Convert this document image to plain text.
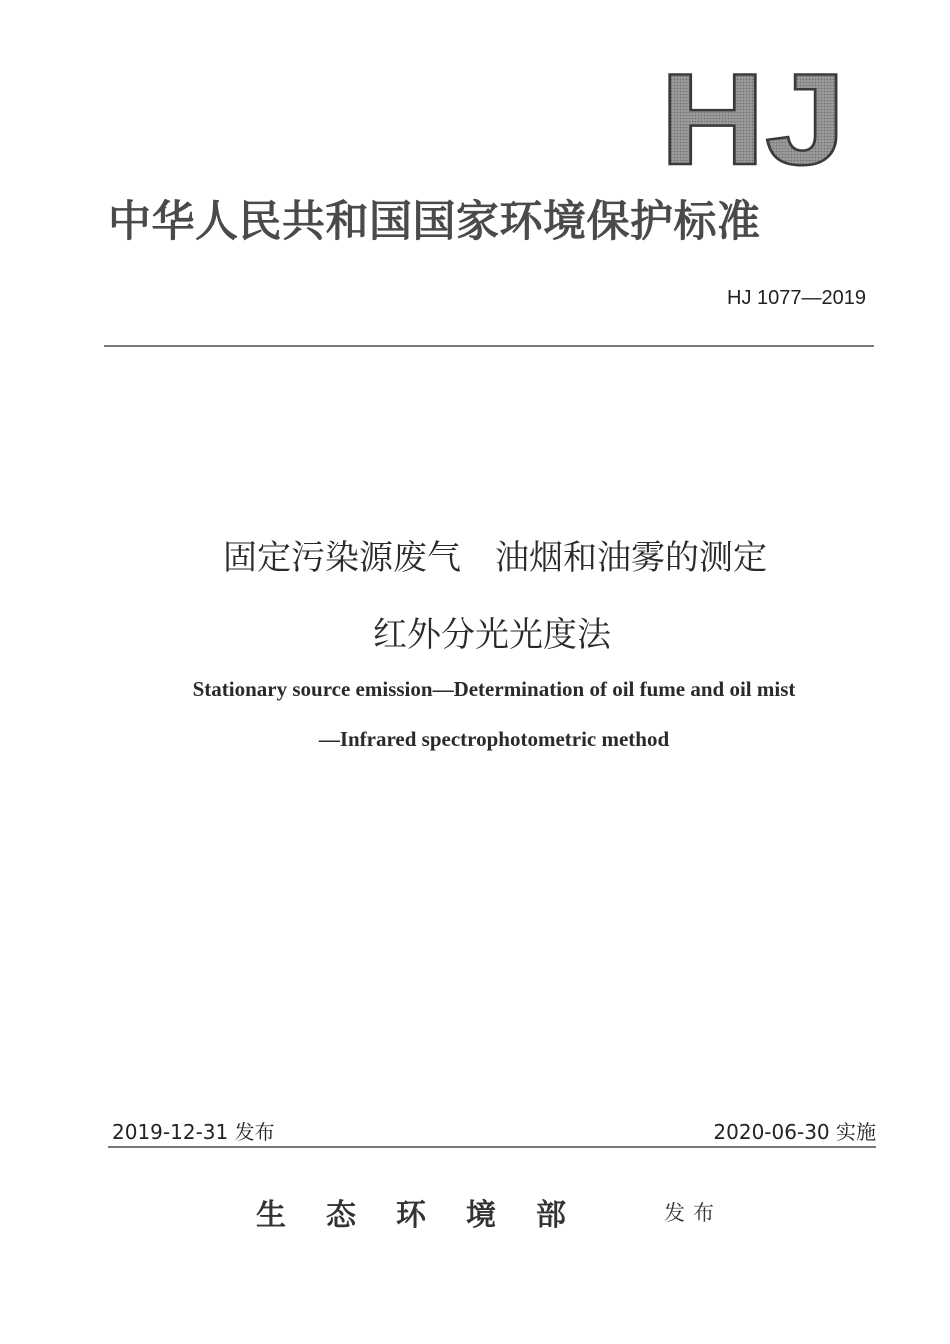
HJ
中华人民共和国国家环境保护标准
HJ 1077—2019
固定污染源废气　油烟和油雾的测定
红外分光光度法
Stationary source emission—Determination of oil fume and oil mist
—Infrared spectrophotometric method
2019-12-31 发布	2020-06-30 实施
生态环境部	发布
